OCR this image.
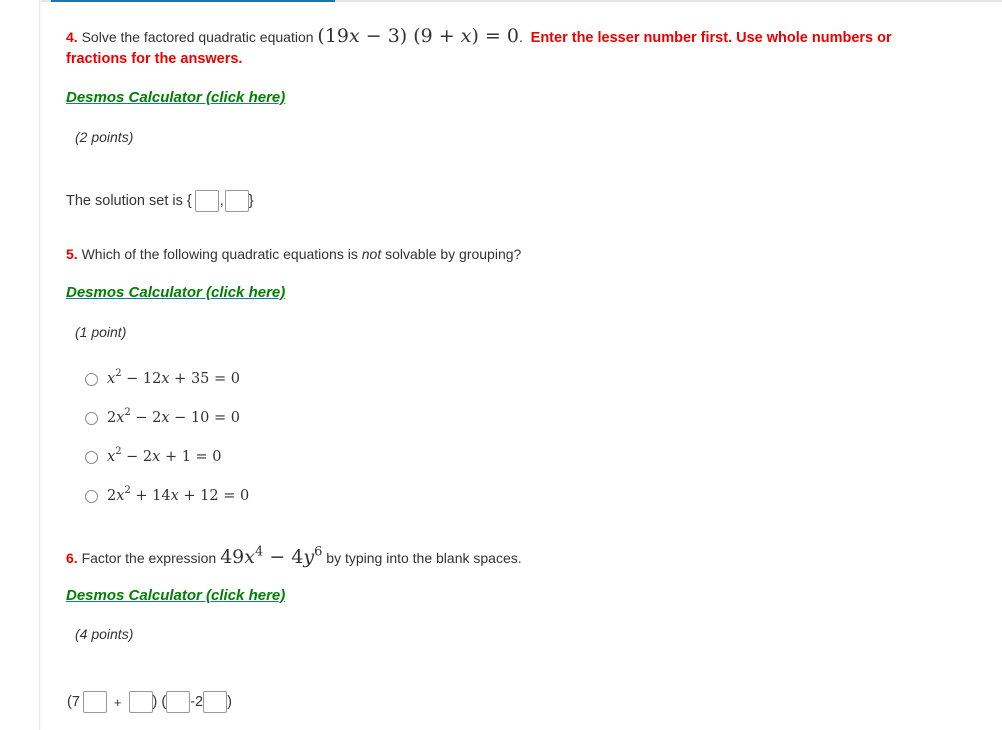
4. Solve the factored quadratic equation (19x − 3) (9 + x) = 0. Enter the lesser number first. Use whole numbers or
fractions for the answers.
Desmos Calculator (click here)
(2 points)
The solution set is { , }
5. Which of the following quadratic equations is not solvable by grouping?
Desmos Calculator (click here)
(1 point)
$x^2 - 12x + 35 = 0$
$2x^2 - 2x - 10 = 0$
$x^2 - 2x + 1 = 0$
$2x^2 + 14x + 12 = 0$
6. Factor the expression $49x^4 - 4y^6$ by typing into the blank spaces.
Desmos Calculator (click here)
(4 points)
(7	+ ) ( -2 )
